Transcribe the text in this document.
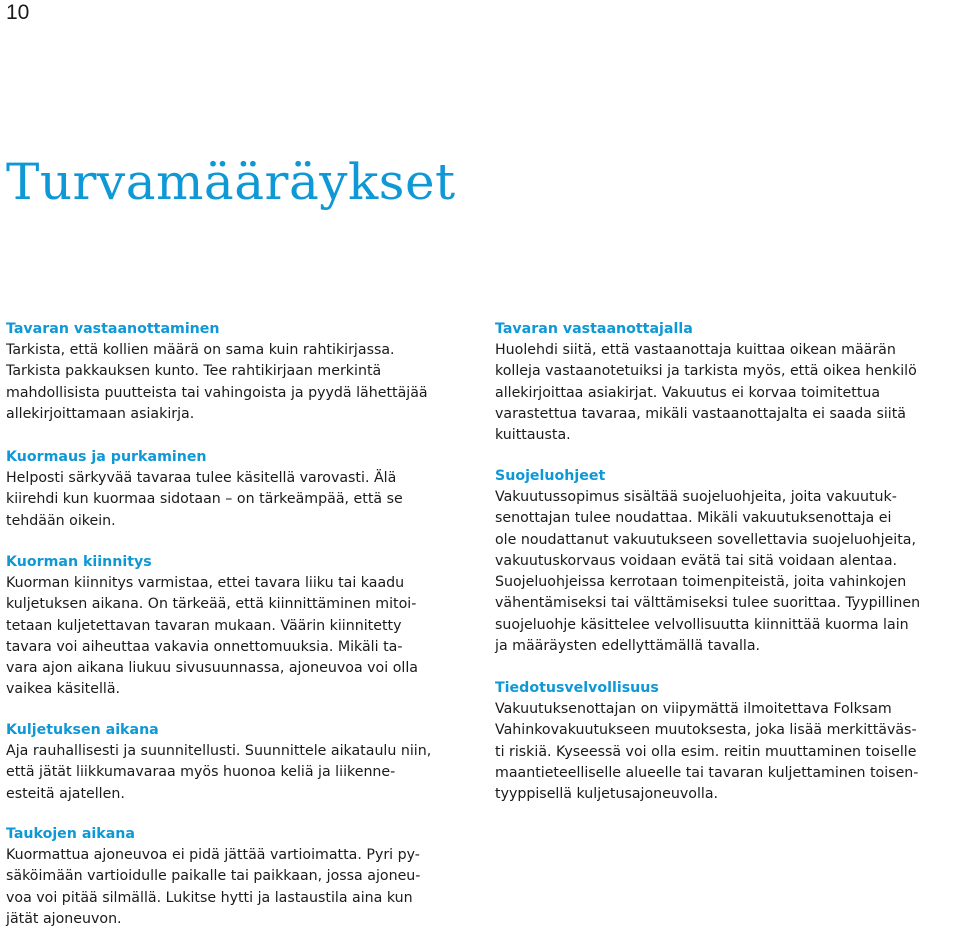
10
Turvamääräykset
Tavaran vastaanottaminen

Tarkista, että kollien määrä on sama kuin rahtikirjassa.
Tarkista pakkauksen kunto. Tee rahtikirjaan merkintä
mahdollisista puutteista tai vahingoista ja pyydä lähettäjää
allekirjoittamaan asiakirja.

Kuormaus ja purkaminen

Helposti särkyvää tavaraa tulee käsitellä varovasti. Älä
kiirehdi kun kuormaa sidotaan – on tärkeämpää, että se
tehdään oikein.

Kuorman kiinnitys

Kuorman kiinnitys varmistaa, ettei tavara liiku tai kaadu
kuljetuksen aikana. On tärkeää, että kiinnittäminen mitoi-
tetaan kuljetettavan tavaran mukaan. Väärin kiinnitetty
tavara voi aiheuttaa vakavia onnettomuuksia. Mikäli ta-
vara ajon aikana liukuu sivusuunnassa, ajoneuvoa voi olla
vaikea käsitellä.

Kuljetuksen aikana

Aja rauhallisesti ja suunnitellusti. Suunnittele aikataulu niin,
että jätät liikkumavaraa myös huonoa keliä ja liikenne-
esteitä ajatellen.

Taukojen aikana

Kuormattua ajoneuvoa ei pidä jättää vartioimatta. Pyri py-
säköimään vartioidulle paikalle tai paikkaan, jossa ajoneu-
voa voi pitää silmällä. Lukitse hytti ja lastaustila aina kun
jätät ajoneuvon.

Tavaran vastaanottajalla

Huolehdi siitä, että vastaanottaja kuittaa oikean määrän
kolleja vastaanotetuiksi ja tarkista myös, että oikea henkilö
allekirjoittaa asiakirjat. Vakuutus ei korvaa toimitettua
varastettua tavaraa, mikäli vastaanottajalta ei saada siitä
kuittausta.

Suojeluohjeet

Vakuutussopimus sisältää suojeluohjeita, joita vakuutuk-
senottajan tulee noudattaa. Mikäli vakuutuksenottaja ei
ole noudattanut vakuutukseen sovellettavia suojeluohjeita,
vakuutuskorvaus voidaan evätä tai sitä voidaan alentaa.
Suojeluohjeissa kerrotaan toimenpiteistä, joita vahinkojen
vähentämiseksi tai välttämiseksi tulee suorittaa. Tyypillinen
suojeluohje käsittelee velvollisuutta kiinnittää kuorma lain
ja määräysten edellyttämällä tavalla.

Tiedotusvelvollisuus

Vakuutuksenottajan on viipymättä ilmoitettava Folksam
Vahinkovakuutukseen muutoksesta, joka lisää merkittäväs-
ti riskiä. Kyseessä voi olla esim. reitin muuttaminen toiselle
maantieteelliselle alueelle tai tavaran kuljettaminen toisen-
tyyppisellä kuljetusajoneuvolla.
